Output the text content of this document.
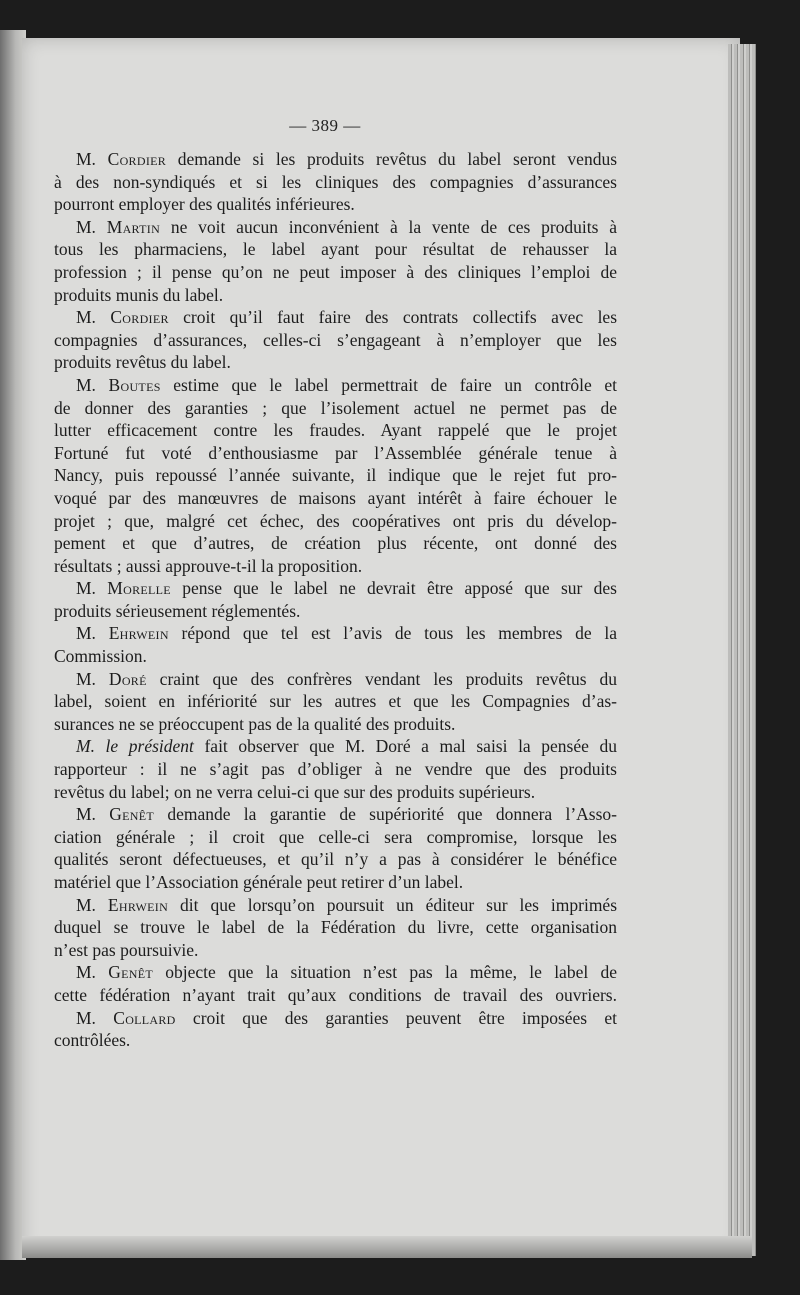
— 389 —
M. Cordier demande si les produits revêtus du label seront vendus
à des non-syndiqués et si les cliniques des compagnies d’assurances
pourront employer des qualités inférieures.
M. Martin ne voit aucun inconvénient à la vente de ces produits à
tous les pharmaciens, le label ayant pour résultat de rehausser la
profession ; il pense qu’on ne peut imposer à des cliniques l’emploi de
produits munis du label.
M. Cordier croit qu’il faut faire des contrats collectifs avec les
compagnies d’assurances, celles-ci s’engageant à n’employer que les
produits revêtus du label.
M. Boutes estime que le label permettrait de faire un contrôle et
de donner des garanties ; que l’isolement actuel ne permet pas de
lutter efficacement contre les fraudes. Ayant rappelé que le projet
Fortuné fut voté d’enthousiasme par l’Assemblée générale tenue à
Nancy, puis repoussé l’année suivante, il indique que le rejet fut pro-
voqué par des manœuvres de maisons ayant intérêt à faire échouer le
projet ; que, malgré cet échec, des coopératives ont pris du dévelop-
pement et que d’autres, de création plus récente, ont donné des
résultats ; aussi approuve-t-il la proposition.
M. Morelle pense que le label ne devrait être apposé que sur des
produits sérieusement réglementés.
M. Ehrwein répond que tel est l’avis de tous les membres de la
Commission.
M. Doré craint que des confrères vendant les produits revêtus du
label, soient en infériorité sur les autres et que les Compagnies d’as-
surances ne se préoccupent pas de la qualité des produits.
M. le président fait observer que M. Doré a mal saisi la pensée du
rapporteur : il ne s’agit pas d’obliger à ne vendre que des produits
revêtus du label; on ne verra celui-ci que sur des produits supérieurs.
M. Genêt demande la garantie de supériorité que donnera l’Asso-
ciation générale ; il croit que celle-ci sera compromise, lorsque les
qualités seront défectueuses, et qu’il n’y a pas à considérer le bénéfice
matériel que l’Association générale peut retirer d’un label.
M. Ehrwein dit que lorsqu’on poursuit un éditeur sur les imprimés
duquel se trouve le label de la Fédération du livre, cette organisation
n’est pas poursuivie.
M. Genêt objecte que la situation n’est pas la même, le label de
cette fédération n’ayant trait qu’aux conditions de travail des ouvriers.
M. Collard croit que des garanties peuvent être imposées et
contrôlées.
